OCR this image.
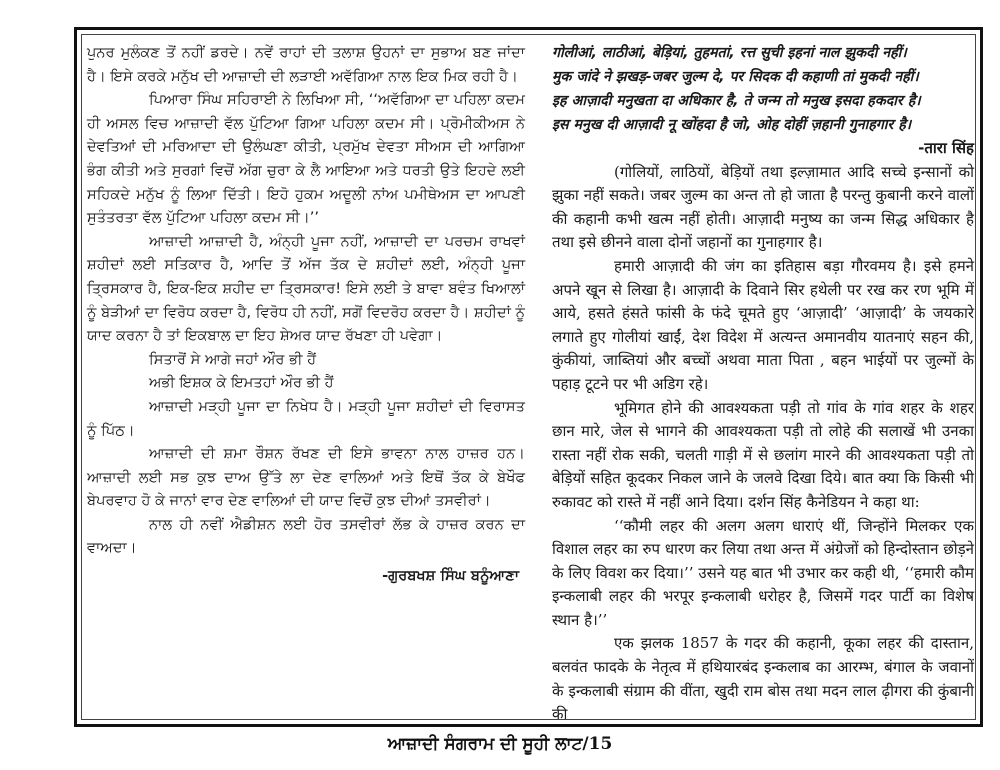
ਪੁਨਰ ਮੁਲੰਕਣ ਤੋਂ ਨਹੀਂ ਡਰਦੇ। ਨਵੇਂ ਰਾਹਾਂ ਦੀ ਤਲਾਸ਼ ਉਹਨਾਂ ਦਾ ਸੁਭਾਅ ਬਣ ਜਾਂਦਾ ਹੈ। ਇਸੇ ਕਰਕੇ ਮਨੁੱਖ ਦੀ ਆਜ਼ਾਦੀ ਦੀ ਲੜਾਈ ਅਵੱਗਿਆ ਨਾਲ ਇਕ ਮਿਕ ਰਹੀ ਹੈ।

ਪਿਆਰਾ ਸਿੰਘ ਸਹਿਰਾਈ ਨੇ ਲਿਖਿਆ ਸੀ, ‘‘ਅਵੱਗਿਆ ਦਾ ਪਹਿਲਾ ਕਦਮ ਹੀ ਅਸਲ ਵਿਚ ਆਜ਼ਾਦੀ ਵੱਲ ਪੁੱਟਿਆ ਗਿਆ ਪਹਿਲਾ ਕਦਮ ਸੀ। ਪ੍ਰੋਮੀਕੀਅਸ ਨੇ ਦੇਵਤਿਆਂ ਦੀ ਮਰਿਆਦਾ ਦੀ ਉਲੰਘਣਾ ਕੀਤੀ, ਪ੍ਰਮੁੱਖ ਦੇਵਤਾ ਸੀਅਸ ਦੀ ਆਗਿਆ ਭੰਗ ਕੀਤੀ ਅਤੇ ਸੁਰਗਾਂ ਵਿਚੋਂ ਅੱਗ ਚੁਰਾ ਕੇ ਲੈ ਆਇਆ ਅਤੇ ਧਰਤੀ ਉਤੇ ਇਹਦੇ ਲਈ ਸਹਿਕਦੇ ਮਨੁੱਖ ਨੂੰ ਲਿਆ ਦਿੱਤੀ। ਇਹੋ ਹੁਕਮ ਅਦੂਲੀ ਨਾਂਅ ਪਮੀਥੇਅਸ ਦਾ ਆਪਣੀ ਸੁਤੰਤਰਤਾ ਵੱਲ ਪੁੱਟਿਆ ਪਹਿਲਾ ਕਦਮ ਸੀ।’’

ਆਜ਼ਾਦੀ ਆਜ਼ਾਦੀ ਹੈ, ਅੰਨ੍ਹੀ ਪੂਜਾ ਨਹੀਂ, ਆਜ਼ਾਦੀ ਦਾ ਪਰਚਮ ਰਾਖਵਾਂ ਸ਼ਹੀਦਾਂ ਲਈ ਸਤਿਕਾਰ ਹੈ, ਆਦਿ ਤੋਂ ਅੱਜ ਤੱਕ ਦੇ ਸ਼ਹੀਦਾਂ ਲਈ, ਅੰਨ੍ਹੀ ਪੂਜਾ ਤ੍ਰਿਸਕਾਰ ਹੈ, ਇਕ-ਇਕ ਸ਼ਹੀਦ ਦਾ ਤ੍ਰਿਸਕਾਰ! ਇਸੇ ਲਈ ਤੇ ਬਾਵਾ ਬਵੰਤ ਖਿਆਲਾਂ ਨੂੰ ਬੇੜੀਆਂ ਦਾ ਵਿਰੋਧ ਕਰਦਾ ਹੈ, ਵਿਰੋਧ ਹੀ ਨਹੀਂ, ਸਗੋਂ ਵਿਦਰੋਹ ਕਰਦਾ ਹੈ। ਸ਼ਹੀਦਾਂ ਨੂੰ ਯਾਦ ਕਰਨਾ ਹੈ ਤਾਂ ਇਕਬਾਲ ਦਾ ਇਹ ਸ਼ੇਅਰ ਯਾਦ ਰੱਖਣਾ ਹੀ ਪਵੇਗਾ।

ਸਿਤਾਰੋਂ ਸੇ ਆਗੇ ਜਹਾਂ ਔਰ ਭੀ ਹੈਂ
ਅਭੀ ਇਸ਼ਕ ਕੇ ਇਮਤਹਾਂ ਔਰ ਭੀ ਹੈਂ

ਆਜ਼ਾਦੀ ਮੜ੍ਹੀ ਪੂਜਾ ਦਾ ਨਿਖੇਧ ਹੈ। ਮੜ੍ਹੀ ਪੂਜਾ ਸ਼ਹੀਦਾਂ ਦੀ ਵਿਰਾਸਤ ਨੂੰ ਪਿੱਠ।

ਆਜ਼ਾਦੀ ਦੀ ਸ਼ਮਾ ਰੌਸ਼ਨ ਰੱਖਣ ਦੀ ਇਸੇ ਭਾਵਨਾ ਨਾਲ ਹਾਜ਼ਰ ਹਨ। ਆਜ਼ਾਦੀ ਲਈ ਸਭ ਕੁਝ ਦਾਅ ਉੱਤੇ ਲਾ ਦੇਣ ਵਾਲਿਆਂ ਅਤੇ ਇਥੋਂ ਤੱਕ ਕੇ ਬੇਖੌਫ ਬੇਪਰਵਾਹ ਹੋ ਕੇ ਜਾਨਾਂ ਵਾਰ ਦੇਣ ਵਾਲਿਆਂ ਦੀ ਯਾਦ ਵਿਚੋਂ ਕੁਝ ਦੀਆਂ ਤਸਵੀਰਾਂ।

ਨਾਲ ਹੀ ਨਵੀਂ ਐਡੀਸ਼ਨ ਲਈ ਹੋਰ ਤਸਵੀਰਾਂ ਲੱਭ ਕੇ ਹਾਜ਼ਰ ਕਰਨ ਦਾ ਵਾਅਦਾ।

-ਗੁਰਬਖਸ਼ ਸਿੰਘ ਬਨੂੰਆਣਾ
गोलीआं, लाठीआं, बेड़ियां, तुहमतां, रत्त सुची इहनां नाल झुकदी नहीं।
मुक जांदे ने झखड़-जबर जुल्म दे, पर सिदक दी कहाणी तां मुकदी नहीं।
इह आज़ादी मनुखता दा अधिकार है, ते जन्म तो मनुख इसदा हकदार है।
इस मनुख दी आज़ादी नू खोंहदा है जो, ओह दोहीं ज़हानी गुनाहगार है।
-तारा सिंह

(गोलियों, लाठियों, बेड़ियों तथा इल्ज़ामात आदि सच्चे इन्सानों को झुका नहीं सकते। जबर जुल्म का अन्त तो हो जाता है परन्तु कुबानी करने वालों की कहानी कभी खत्म नहीं होती। आज़ादी मनुष्य का जन्म सिद्ध अधिकार है तथा इसे छीनने वाला दोनों जहानों का गुनाहगार है।

हमारी आज़ादी की जंग का इतिहास बड़ा गौरवमय है। इसे हमने अपने खून से लिखा है। आज़ादी के दिवाने सिर हथेली पर रख कर रण भूमि में आये, हसते हंसते फांसी के फंदे चूमते हुए ‘आज़ादी’ ‘आज़ादी’ के जयकारे लगाते हुए गोलीयां खाईं, देश विदेश में अत्यन्त अमानवीय यातनाएं सहन की, कुंकीयां, जाब्तियां और बच्चों अथवा माता पिता , बहन भाईयों पर जुल्मों के पहाड़ टूटने पर भी अडिग रहे।

भूमिगत होने की आवश्यकता पड़ी तो गांव के गांव शहर के शहर छान मारे, जेल से भागने की आवश्यकता पड़ी तो लोहे की सलाखें भी उनका रास्ता नहीं रोक सकी, चलती गाड़ी में से छलांग मारने की आवश्यकता पड़ी तो बेड़ियों सहित कूदकर निकल जाने के जलवे दिखा दिये। बात क्या कि किसी भी रुकावट को रास्ते में नहीं आने दिया। दर्शन सिंह कैनेडियन ने कहा था:

‘‘कौमी लहर की अलग अलग धाराएं थीं, जिन्होंने मिलकर एक विशाल लहर का रुप धारण कर लिया तथा अन्त में अंग्रेजों को हिन्दोस्तान छोड़ने के लिए विवश कर दिया।’’ उसने यह बात भी उभार कर कही थी, ‘‘हमारी कौम इन्कलाबी लहर की भरपूर इन्कलाबी धरोहर है, जिसमें गदर पार्टी का विशेष स्थान है।’’

एक झलक 1857 के गदर की कहानी, कूका लहर की दास्तान, बलवंत फादके के नेतृत्व में हथियारबंद इन्कलाब का आरम्भ, बंगाल के जवानों के इन्कलाबी संग्राम की वींता, खुदी राम बोस तथा मदन लाल ढ़ीगरा की कुंबानी की

ਆਜ਼ਾਦੀ ਸੰਗਰਾਮ ਦੀ ਸੂਹੀ ਲਾਟ/15
